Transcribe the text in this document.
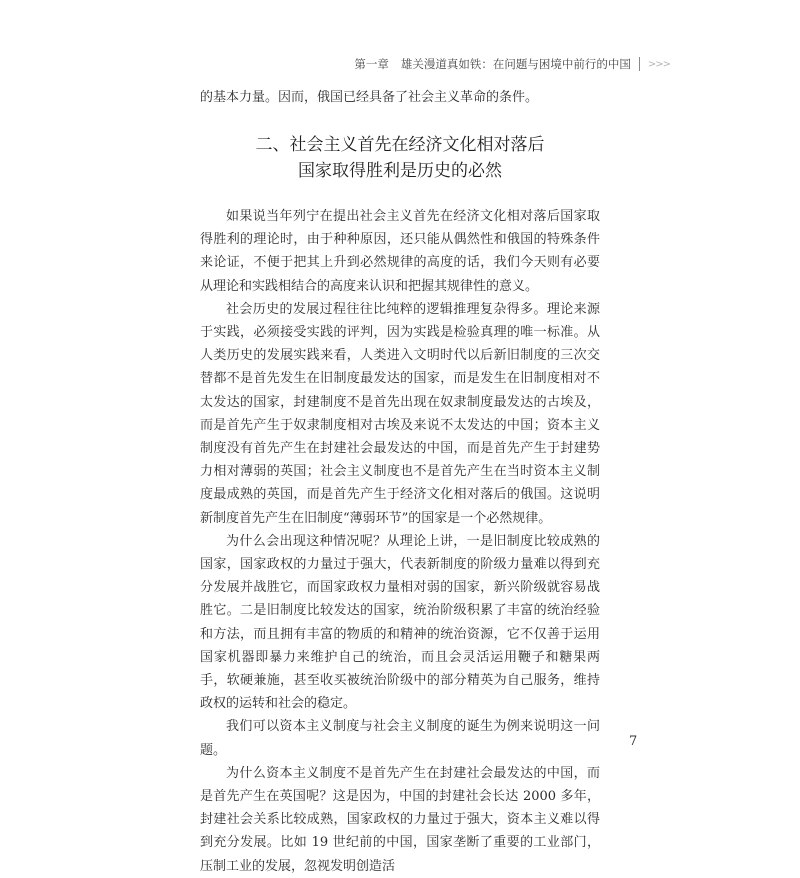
第一章 雄关漫道真如铁：在问题与困境中前行的中国 >>>

的基本力量。因而，俄国已经具备了社会主义革命的条件。

二、社会主义首先在经济文化相对落后
国家取得胜利是历史的必然

如果说当年列宁在提出社会主义首先在经济文化相对落后国家取得胜利的理论时，由于种种原因，还只能从偶然性和俄国的特殊条件来论证，不便于把其上升到必然规律的高度的话，我们今天则有必要从理论和实践相结合的高度来认识和把握其规律性的意义。

社会历史的发展过程往往比纯粹的逻辑推理复杂得多。理论来源于实践，必须接受实践的评判，因为实践是检验真理的唯一标准。从人类历史的发展实践来看，人类进入文明时代以后新旧制度的三次交替都不是首先发生在旧制度最发达的国家，而是发生在旧制度相对不太发达的国家，封建制度不是首先出现在奴隶制度最发达的古埃及，而是首先产生于奴隶制度相对古埃及来说不太发达的中国；资本主义制度没有首先产生在封建社会最发达的中国，而是首先产生于封建势力相对薄弱的英国；社会主义制度也不是首先产生在当时资本主义制度最成熟的英国，而是首先产生于经济文化相对落后的俄国。这说明新制度首先产生在旧制度“薄弱环节”的国家是一个必然规律。

为什么会出现这种情况呢？从理论上讲，一是旧制度比较成熟的国家，国家政权的力量过于强大，代表新制度的阶级力量难以得到充分发展并战胜它，而国家政权力量相对弱的国家，新兴阶级就容易战胜它。二是旧制度比较发达的国家，统治阶级积累了丰富的统治经验和方法，而且拥有丰富的物质的和精神的统治资源，它不仅善于运用国家机器即暴力来维护自己的统治，而且会灵活运用鞭子和糖果两手，软硬兼施，甚至收买被统治阶级中的部分精英为自己服务，维持政权的运转和社会的稳定。

我们可以资本主义制度与社会主义制度的诞生为例来说明这一问题。

为什么资本主义制度不是首先产生在封建社会最发达的中国，而是首先产生在英国呢？这是因为，中国的封建社会长达 2000 多年，封建社会关系比较成熟，国家政权的力量过于强大，资本主义难以得到充分发展。比如 19 世纪前的中国，国家垄断了重要的工业部门，压制工业的发展，忽视发明创造活

7
